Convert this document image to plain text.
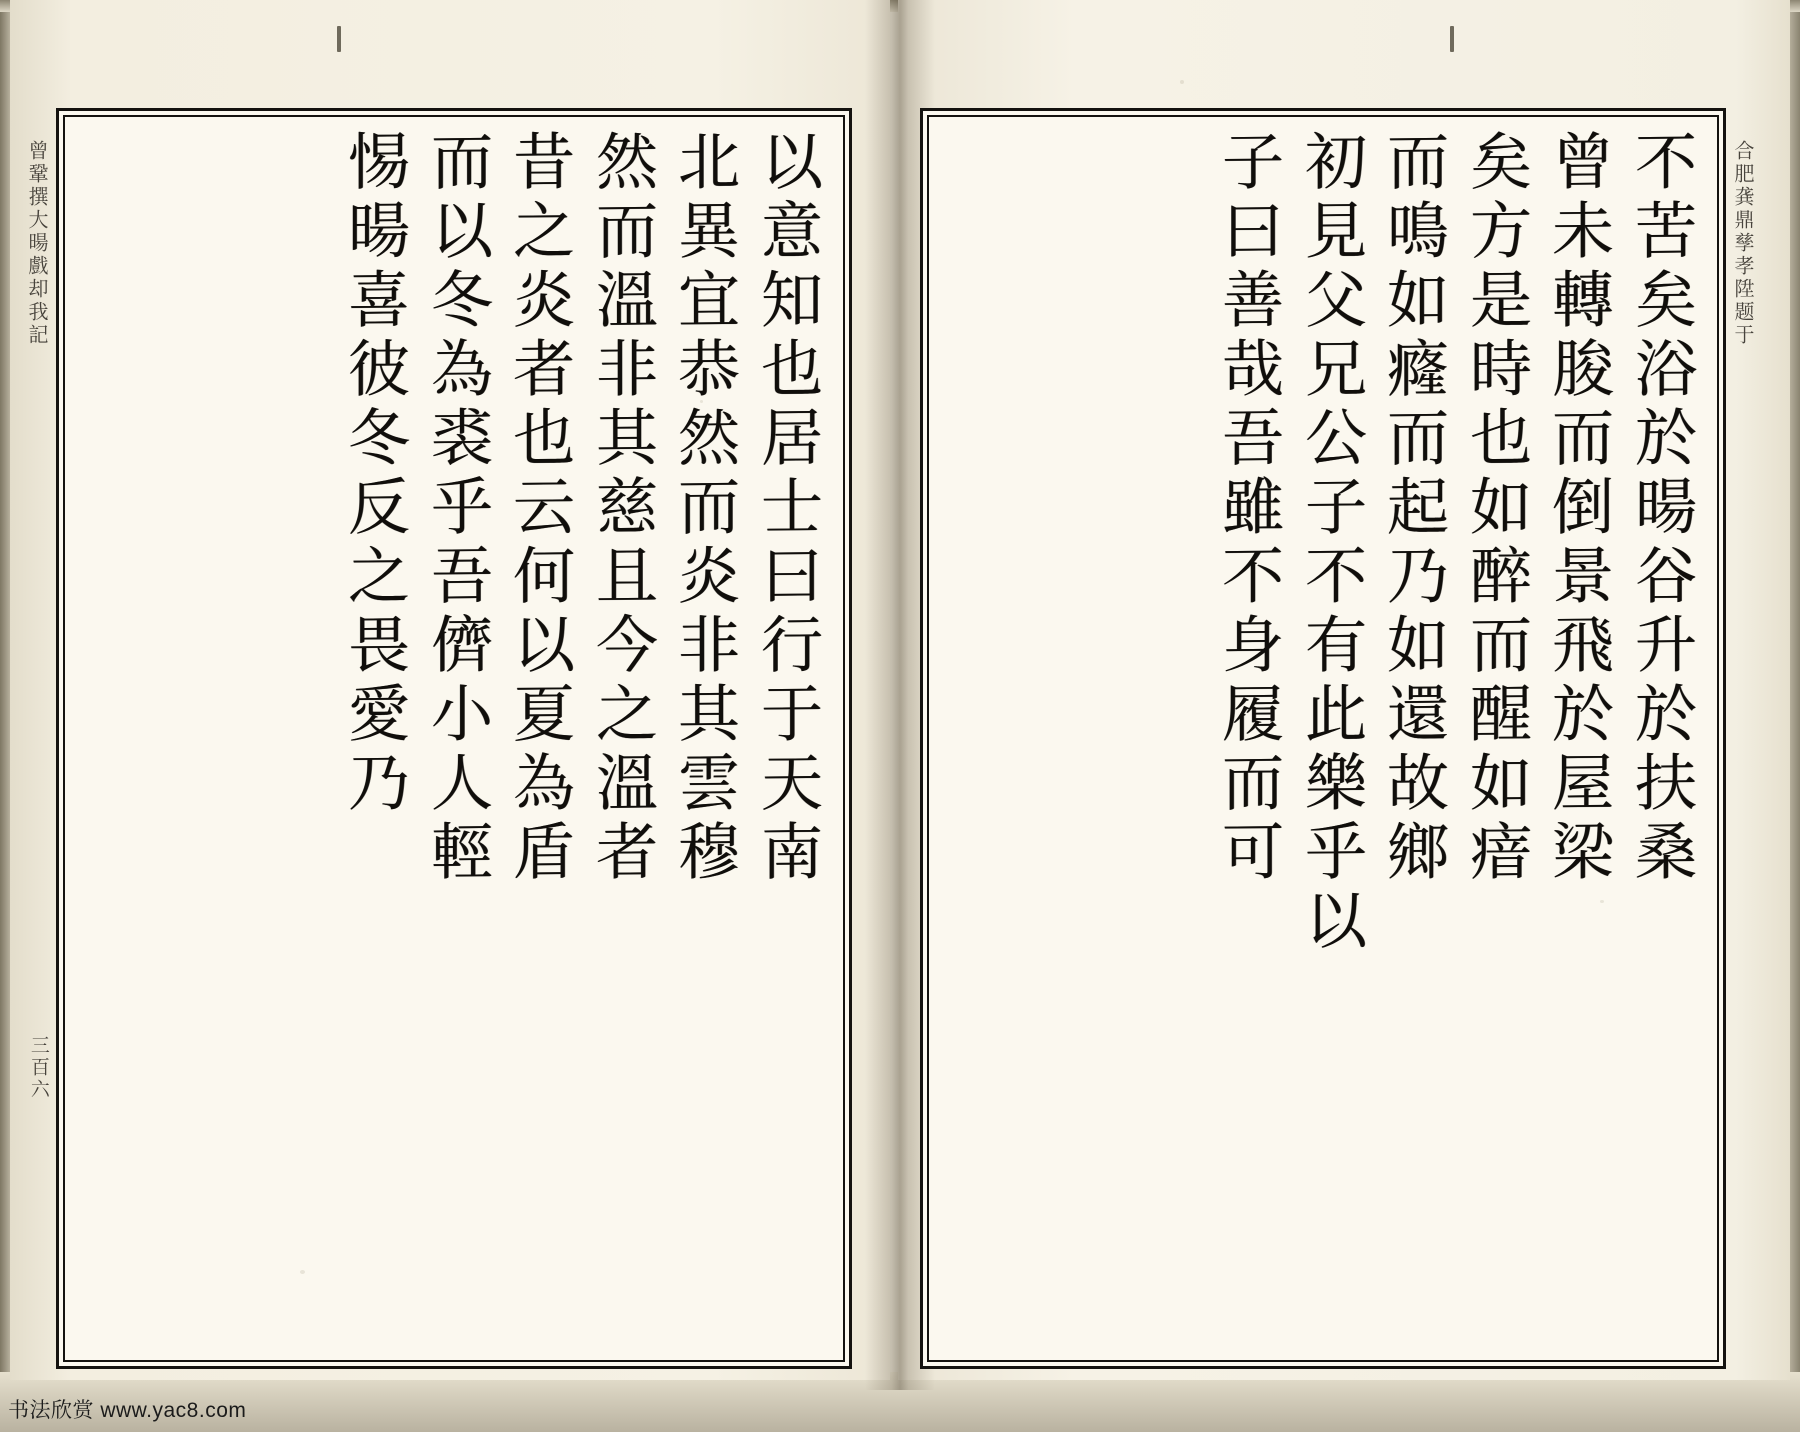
曾鞏撰大暘戲却我記
三百六
以意知也居士曰行于天南
北異宜恭然而炎非其雲穆
然而溫非其慈且今之溫者
昔之炎者也云何以夏為盾
而以冬為裘乎吾儕小人輕
惕暘喜彼冬反之畏愛乃	合肥龚鼎孳孝陞题于
不苦矣浴於暘谷升於扶桑
曾未轉朘而倒景飛於屋梁
矣方是時也如醉而醒如瘖
而鳴如癃而起乃如還故鄉
初見父兄公子不有此樂乎以
子曰善哉吾雖不身履而可
书法欣赏 www.yac8.com
